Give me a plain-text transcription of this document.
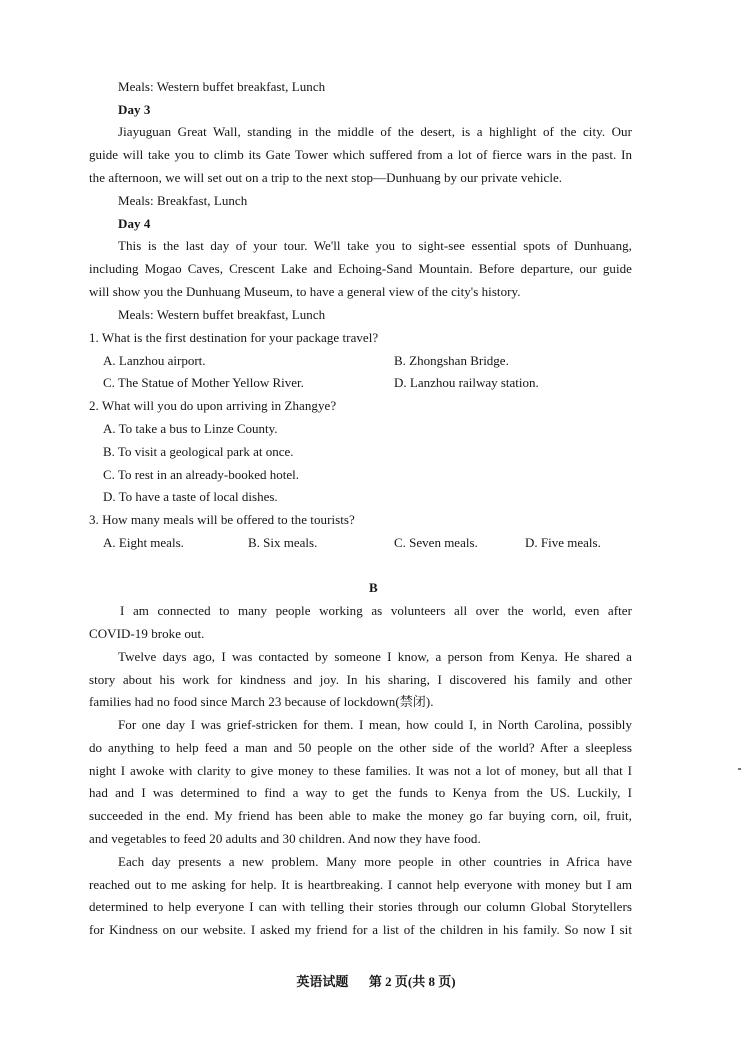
Meals: Western buffet breakfast, Lunch
Day 3
Jiayuguan Great Wall, standing in the middle of the desert, is a highlight of the city. Our
guide will take you to climb its Gate Tower which suffered from a lot of fierce wars in the past. In
the afternoon, we will set out on a trip to the next stop—Dunhuang by our private vehicle.
Meals: Breakfast, Lunch
Day 4
This is the last day of your tour. We'll take you to sight-see essential spots of Dunhuang,
including Mogao Caves, Crescent Lake and Echoing-Sand Mountain. Before departure, our guide
will show you the Dunhuang Museum, to have a general view of the city's history.
Meals: Western buffet breakfast, Lunch
1. What is the first destination for your package travel?
A. Lanzhou airport.	B. Zhongshan Bridge.
C. The Statue of Mother Yellow River.	D. Lanzhou railway station.
2. What will you do upon arriving in Zhangye?
A. To take a bus to Linze County.
B. To visit a geological park at once.
C. To rest in an already-booked hotel.
D. To have a taste of local dishes.
3. How many meals will be offered to the tourists?
A. Eight meals.	B. Six meals.	C. Seven meals.	D. Five meals.
B
I am connected to many people working as volunteers all over the world, even after
COVID-19 broke out.
Twelve days ago, I was contacted by someone I know, a person from Kenya. He shared a
story about his work for kindness and joy. In his sharing, I discovered his family and other
families had no food since March 23 because of lockdown(禁闭).
For one day I was grief-stricken for them. I mean, how could I, in North Carolina, possibly
do anything to help feed a man and 50 people on the other side of the world? After a sleepless
night I awoke with clarity to give money to these families. It was not a lot of money, but all that I
had and I was determined to find a way to get the funds to Kenya from the US. Luckily, I
succeeded in the end. My friend has been able to make the money go far buying corn, oil, fruit,
and vegetables to feed 20 adults and 30 children. And now they have food.
Each day presents a new problem. Many more people in other countries in Africa have
reached out to me asking for help. It is heartbreaking. I cannot help everyone with money but I am
determined to help everyone I can with telling their stories through our column Global Storytellers
for Kindness on our website. I asked my friend for a list of the children in his family. So now I sit
英语试题 第 2 页(共 8 页)
